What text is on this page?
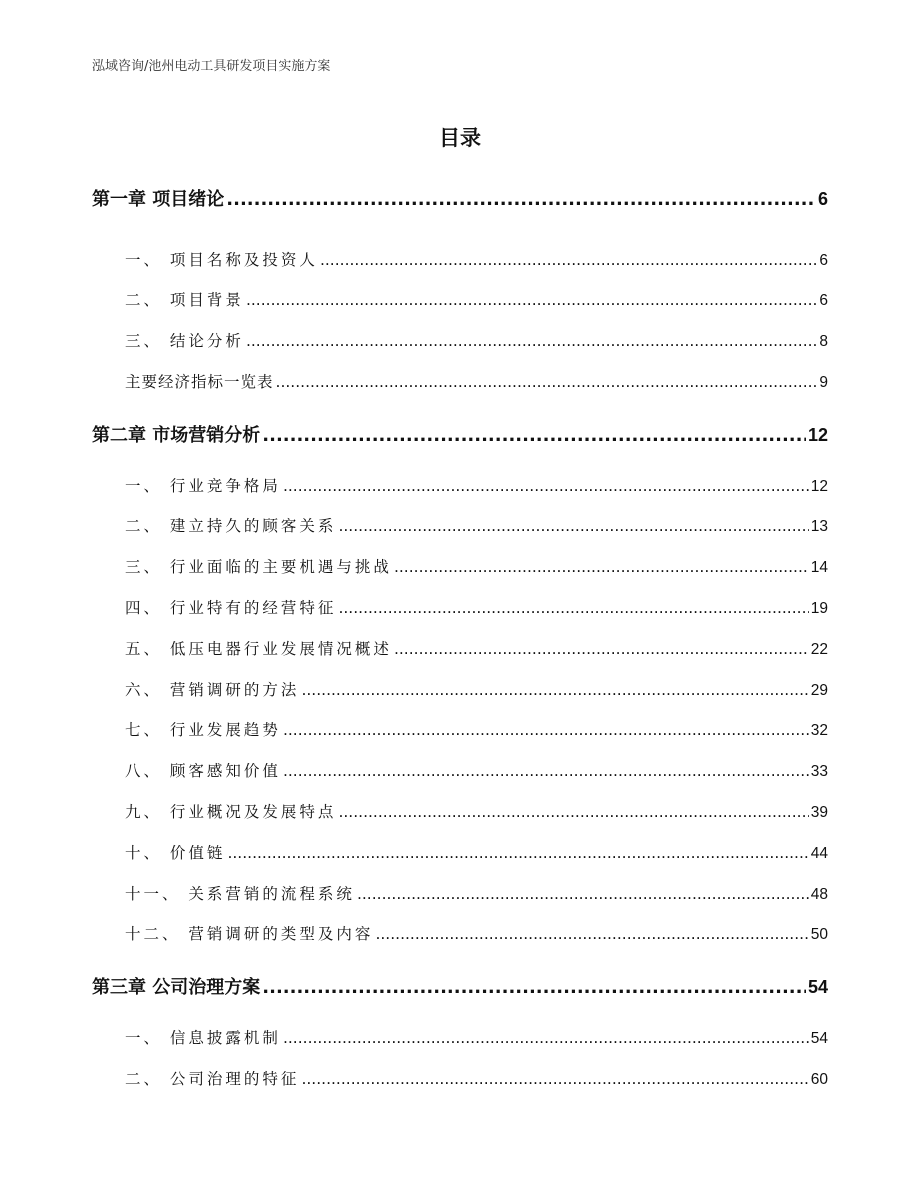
泓域咨询/池州电动工具研发项目实施方案
目录
第一章 项目绪论 .....	6
一、 项目名称及投资人 .....	6
二、 项目背景 .....	6
三、 结论分析 .....	8
主要经济指标一览表 .....	9
第二章 市场营销分析 .....	12
一、 行业竞争格局 .....	12
二、 建立持久的顾客关系 .....	13
三、 行业面临的主要机遇与挑战 .....	14
四、 行业特有的经营特征 .....	19
五、 低压电器行业发展情况概述 .....	22
六、 营销调研的方法 .....	29
七、 行业发展趋势 .....	32
八、 顾客感知价值 .....	33
九、 行业概况及发展特点 .....	39
十、 价值链 .....	44
十一、 关系营销的流程系统 .....	48
十二、 营销调研的类型及内容 .....	50
第三章 公司治理方案 .....	54
一、 信息披露机制 .....	54
二、 公司治理的特征 .....	60
